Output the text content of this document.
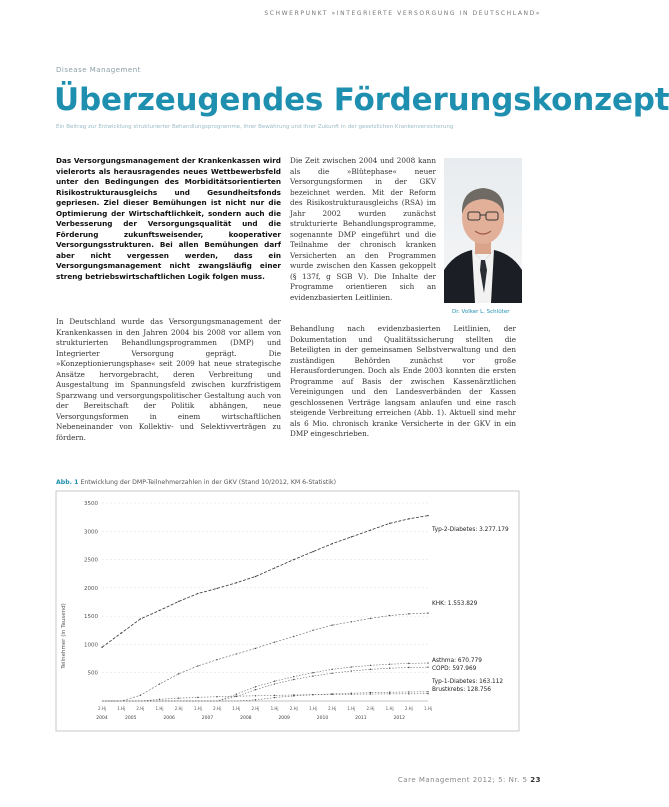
SCHWERPUNKT »INTEGRIERTE VERSORGUNG IN DEUTSCHLAND«
Disease Management
Überzeugendes Förderungskonzept
Ein Beitrag zur Entwicklung strukturierter Behandlungsprogramme, ihrer Bewährung und ihrer Zukunft in der gesetzlichen Krankenversicherung

Das Versorgungsmanagement der Krankenkassen wird vielerorts als herausragendes neues Wettbewerbsfeld unter den Bedingungen des Morbiditätsorientierten Risikostrukturausgleichs und Gesundheitsfonds gepriesen. Ziel dieser Bemühungen ist nicht nur die Optimierung der Wirtschaftlichkeit, sondern auch die Verbesserung der Versorgungsqualität und die Förderung zukunftsweisender, kooperativer Versorgungsstrukturen. Bei allen Bemühungen darf aber nicht vergessen werden, dass ein Versorgungsmanagement nicht zwangsläufig einer streng betriebswirtschaftlichen Logik folgen muss.

In Deutschland wurde das Versorgungsmanagement der Krankenkassen in den Jahren 2004 bis 2008 vor allem von strukturierten Behandlungsprogrammen (DMP) und Integrierter Versorgung geprägt. Die »Konzeptionierungsphase« seit 2009 hat neue strategische Ansätze hervorgebracht, deren Verbreitung und Ausgestaltung im Spannungsfeld zwischen kurzfristigem Sparzwang und versorgungspolitischer Gestaltung auch von der Bereitschaft der Politik abhängen, neue Versorgungsformen in einem wirtschaftlichen Nebeneinander von Kollektiv- und Selektivverträgen zu fördern.

Die Zeit zwischen 2004 und 2008 kann als die »Blütephase« neuer Versorgungsformen in der GKV bezeichnet werden. Mit der Reform des Risikostrukturausgleichs (RSA) im Jahr 2002 wurden zunächst strukturierte Behandlungsprogramme, sogenannte DMP eingeführt und die Teilnahme der chronisch kranken Versicherten an den Programmen wurde zwischen den Kassen gekoppelt (§ 137f, g SGB V). Die Inhalte der Programme orientieren sich an evidenzbasierten Leitlinien.

Dr. Volker L. Schlüter

Behandlung nach evidenzbasierten Leitlinien, der Dokumentation und Qualitätssicherung stellten die Beteiligten in der gemeinsamen Selbstverwaltung und den zuständigen Behörden zunächst vor große Herausforderungen. Doch als Ende 2003 konnten die ersten Programme auf Basis der zwischen Kassenärztlichen Vereinigungen und den Landesverbänden der Kassen geschlossenen Verträge langsam anlaufen und eine rasch steigende Verbreitung erreichen (Abb. 1). Aktuell sind mehr als 6 Mio. chronisch kranke Versicherte in der GKV in ein DMP eingeschrieben.

Abb. 1 Entwicklung der DMP-Teilnehmerzahlen in der GKV (Stand 10/2012, KM 6-Statistik)
500
1000
1500
2000
2500
3000
3500
2.Hj	1.Hj	2.Hj	1.Hj	2.Hj	1.Hj	2.Hj	1.Hj	2.Hj	1.Hj	2.Hj	1.Hj	2.Hj	1.Hj	2.Hj	1.Hj	2.Hj	1.Hj
2004	2005	2006	2007	2008	2009	2010	2011	2012
Typ-2-Diabetes: 3.277.179
KHK: 1.553.829
Asthma: 670.779
COPD: 597.969
Typ-1-Diabetes: 163.112
Brustkrebs: 128.756
Teilnehmer (in Tausend)
Care Management 2012; 5: Nr. 5 23
